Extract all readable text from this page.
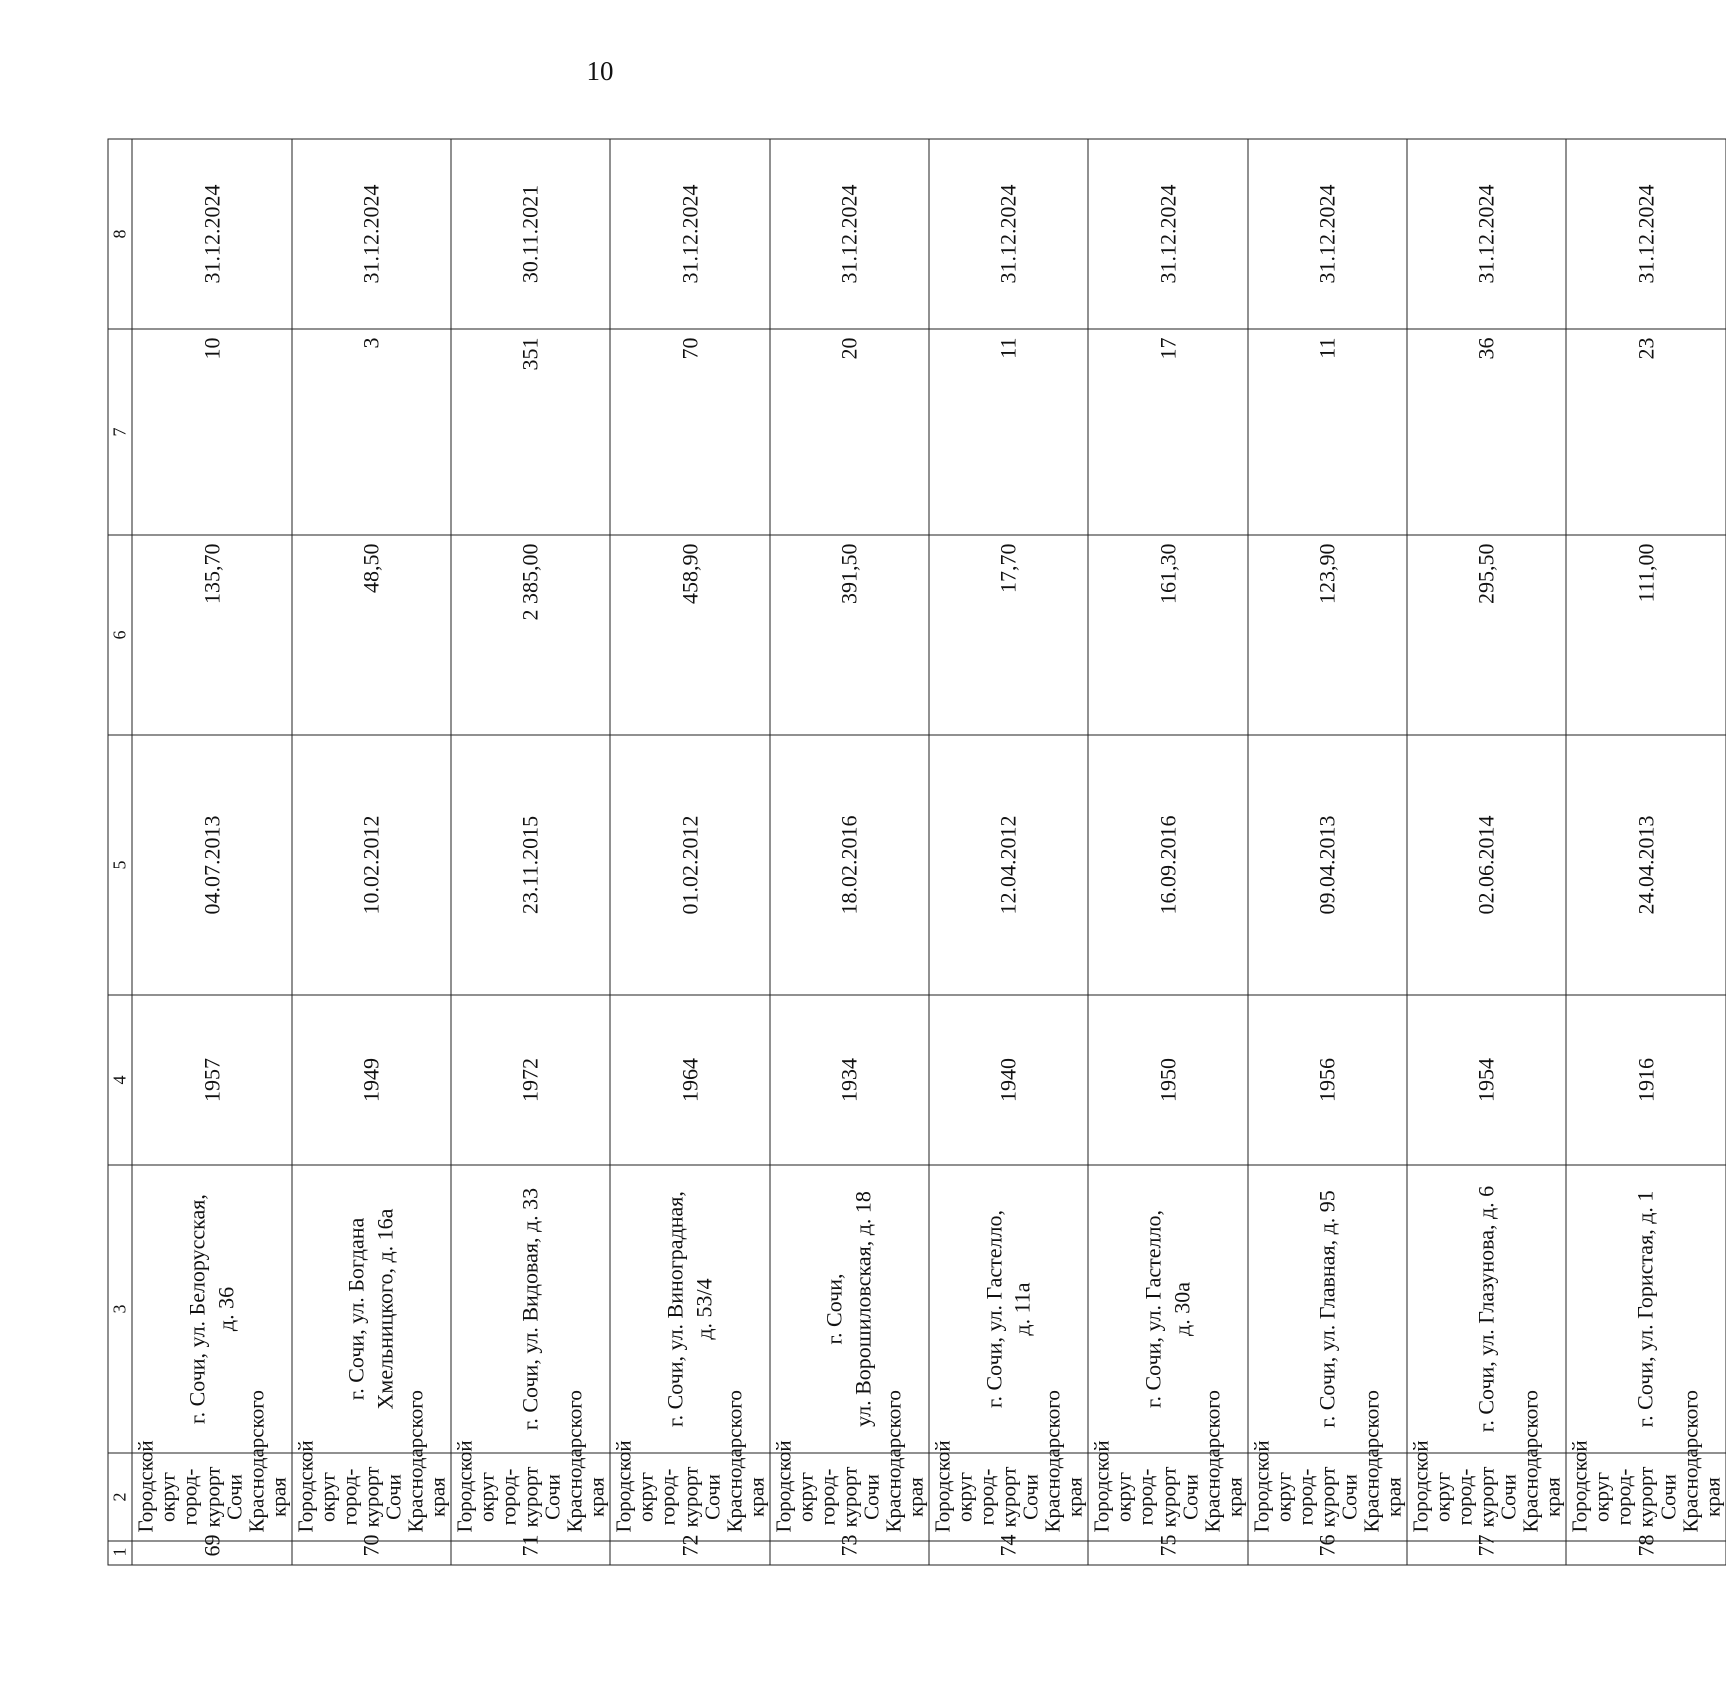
10
1	2	3	4	5	6	7	8
69	Городской округ
город-курорт Сочи
Краснодарского края	г. Сочи, ул. Белорусская, д. 36	1957	04.07.2013	135,70	10	31.12.2024
70	Городской округ
город-курорт Сочи
Краснодарского края	г. Сочи, ул. Богдана Хмельницкого, д. 16а	1949	10.02.2012	48,50	3	31.12.2024
71	Городской округ
город-курорт Сочи
Краснодарского края	г. Сочи, ул. Видовая, д. 33	1972	23.11.2015	2 385,00	351	30.11.2021
72	Городской округ
город-курорт Сочи
Краснодарского края	г. Сочи, ул. Виноградная, д. 53/4	1964	01.02.2012	458,90	70	31.12.2024
73	Городской округ
город-курорт Сочи
Краснодарского края	г. Сочи, ул. Ворошиловская, д. 18	1934	18.02.2016	391,50	20	31.12.2024
74	Городской округ
город-курорт Сочи
Краснодарского края	г. Сочи, ул. Гастелло, д. 11а	1940	12.04.2012	17,70	11	31.12.2024
75	Городской округ
город-курорт Сочи
Краснодарского края	г. Сочи, ул. Гастелло, д. 30а	1950	16.09.2016	161,30	17	31.12.2024
76	Городской округ
город-курорт Сочи
Краснодарского края	г. Сочи, ул. Главная, д. 95	1956	09.04.2013	123,90	11	31.12.2024
77	Городской округ
город-курорт Сочи
Краснодарского края	г. Сочи, ул. Глазунова, д. 6	1954	02.06.2014	295,50	36	31.12.2024
78	Городской округ
город-курорт Сочи
Краснодарского края	г. Сочи, ул. Гористая, д. 1	1916	24.04.2013	111,00	23	31.12.2024
